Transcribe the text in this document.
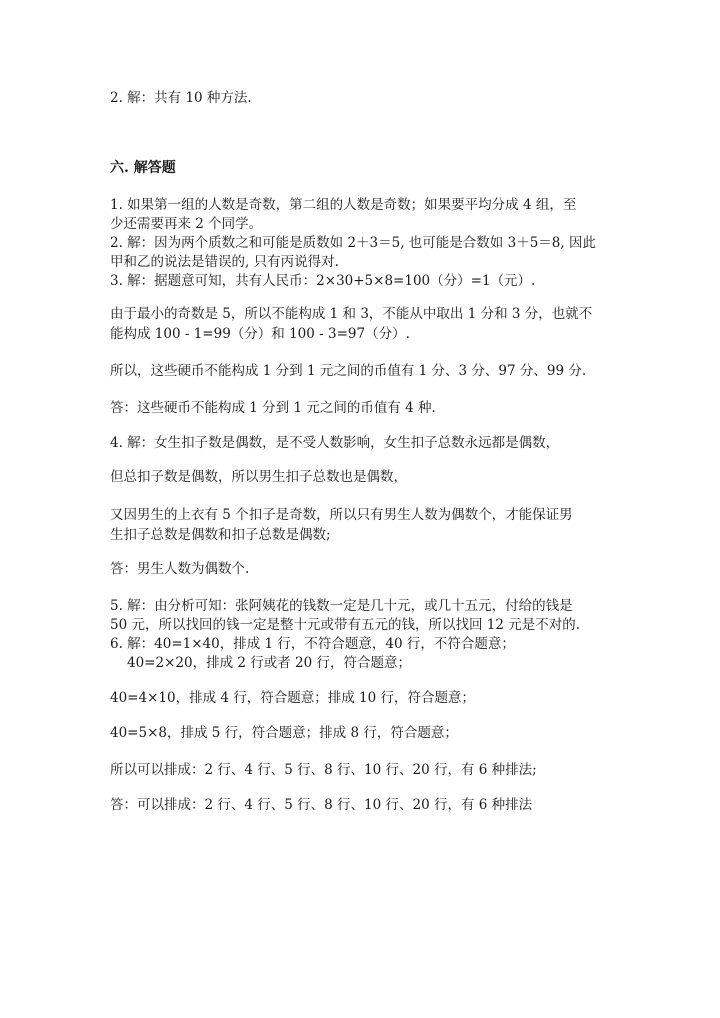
2. 解：共有 10 种方法.
六. 解答题
1. 如果第一组的人数是奇数，第二组的人数是奇数；如果要平均分成 4 组，至
少还需要再来 2 个同学。
2. 解：因为两个质数之和可能是质数如 2＋3＝5, 也可能是合数如 3＋5＝8, 因此
甲和乙的说法是错误的, 只有丙说得对.
3. 解：据题意可知，共有人民币：2×30+5×8=100（分）=1（元）.
由于最小的奇数是 5，所以不能构成 1 和 3，不能从中取出 1 分和 3 分，也就不
能构成 100 - 1=99（分）和 100 - 3=97（分）.
所以，这些硬币不能构成 1 分到 1 元之间的币值有 1 分、3 分、97 分、99 分.
答：这些硬币不能构成 1 分到 1 元之间的币值有 4 种.
4. 解：女生扣子数是偶数，是不受人数影响，女生扣子总数永远都是偶数，
但总扣子数是偶数，所以男生扣子总数也是偶数，
又因男生的上衣有 5 个扣子是奇数，所以只有男生人数为偶数个，才能保证男
生扣子总数是偶数和扣子总数是偶数;
答：男生人数为偶数个.
5. 解：由分析可知：张阿姨花的钱数一定是几十元，或几十五元，付给的钱是
50 元，所以找回的钱一定是整十元或带有五元的钱，所以找回 12 元是不对的.
6. 解：40=1×40，排成 1 行，不符合题意，40 行，不符合题意；
40=2×20，排成 2 行或者 20 行，符合题意；
40=4×10，排成 4 行，符合题意；排成 10 行，符合题意；
40=5×8，排成 5 行，符合题意；排成 8 行，符合题意；
所以可以排成：2 行、4 行、5 行、8 行、10 行、20 行，有 6 种排法;
答：可以排成：2 行、4 行、5 行、8 行、10 行、20 行，有 6 种排法
